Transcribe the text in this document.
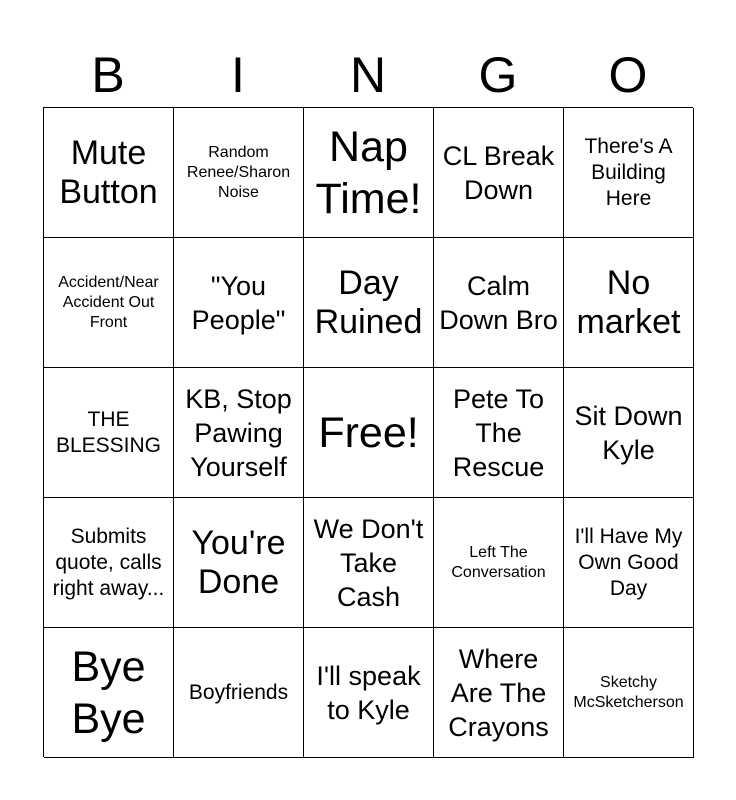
B	I	N	G	O
Mute Button
Random Renee/Sharon Noise
Nap Time!
CL Break Down
There's A Building Here
Accident/Near Accident Out Front
"You People"
Day Ruined
Calm Down Bro
No market
THE BLESSING
KB, Stop Pawing Yourself
Free!
Pete To The Rescue
Sit Down Kyle
Submits quote, calls right away...
You're Done
We Don't Take Cash
Left The Conversation
I'll Have My Own Good Day
Bye Bye
Boyfriends
I'll speak to Kyle
Where Are The Crayons
Sketchy McSketcherson
